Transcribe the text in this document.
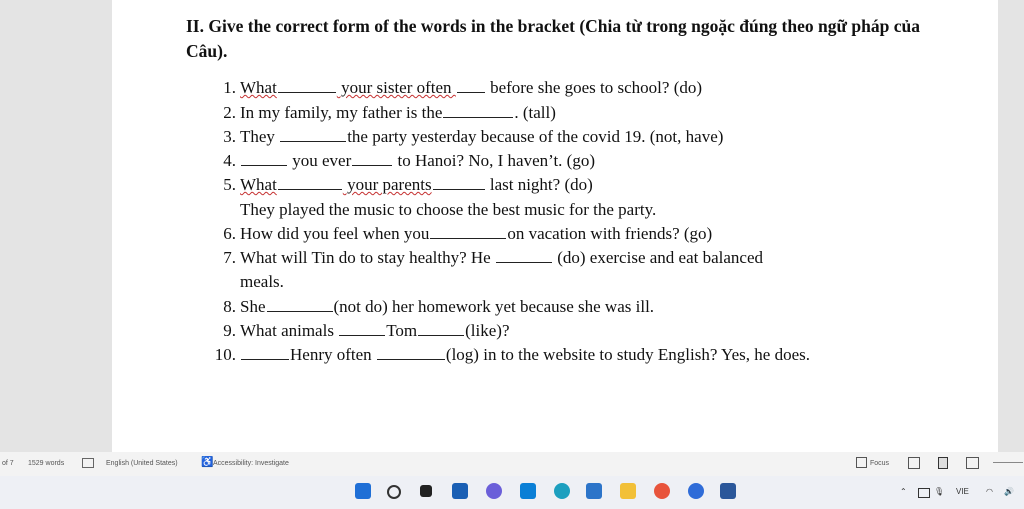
II. Give the correct form of the words in the bracket (Chia từ trong ngoặc đúng theo ngữ pháp của Câu).
1. What	your sister often  before she goes to school? (do)
2. In my family, my father is the	. (tall)
3. They	the party yesterday because of the covid 19. (not, have)
4.	you ever to Hanoi? No, I haven’t. (go)
5. What	your parents	last night? (do)
They played the music to choose the best music for the party.
6. How did you feel when you	on vacation with friends? (go)
7. What will Tin do to stay healthy? He	(do) exercise and eat balanced
meals.
8. She	(not do) her homework yet because she was ill.
9. What animals	Tom	(like)?
10.	Henry often	(log) in to the website to study English? Yes, he does.
of 7 1529 words	English (United States) ♿ Accessibility: Investigate	Focus
⌃	🎙 VIE ◠ 🔊
